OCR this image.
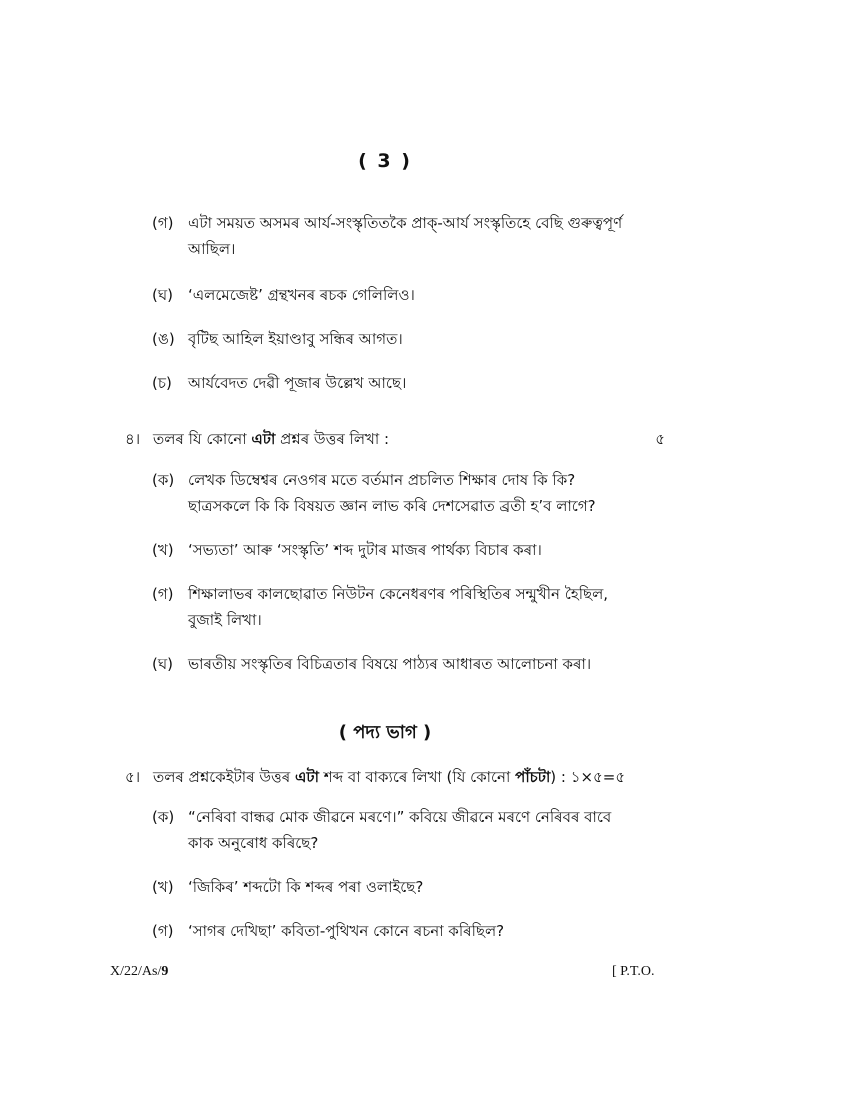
( 3 )
(গ) এটা সময়ত অসমৰ আৰ্য-সংস্কৃতিতকৈ প্ৰাক্-আৰ্য সংস্কৃতিহে বেছি গুৰুত্বপূৰ্ণ আছিল।
(ঘ)	‘এলমেজেষ্ট’ গ্ৰন্থখনৰ ৰচক গেলিলিও।
(ঙ) বৃটিছ আহিল ইয়াণ্ডাবু সন্ধিৰ আগত।
(চ)	আৰ্যবেদত দেৱী পূজাৰ উল্লেখ আছে।
৪। তলৰ যি কোনো এটা প্ৰশ্নৰ উত্তৰ লিখা :	৫
(ক) লেখক ডিম্বেশ্বৰ নেওগৰ মতে বৰ্তমান প্ৰচলিত শিক্ষাৰ দোষ কি কি? ছাত্ৰসকলে কি কি বিষয়ত জ্ঞান লাভ কৰি দেশসেৱাত ব্ৰতী হ’ব লাগে?
(খ) ‘সভ্যতা’ আৰু ‘সংস্কৃতি’ শব্দ দুটাৰ মাজৰ পাৰ্থক্য বিচাৰ কৰা।
(গ) শিক্ষালাভৰ কালছোৱাত নিউটন কেনেধৰণৰ পৰিস্থিতিৰ সন্মুখীন হৈছিল, বুজাই লিখা।
(ঘ)	ভাৰতীয় সংস্কৃতিৰ বিচিত্ৰতাৰ বিষয়ে পাঠ্যৰ আধাৰত আলোচনা কৰা।
( পদ্য ভাগ )
৫। তলৰ প্ৰশ্নকেইটাৰ উত্তৰ এটা শব্দ বা বাক্যৰে লিখা (যি কোনো পাঁচটা) : ১×৫=৫
(ক) “নেৰিবা বান্ধৱ মোক জীৱনে মৰণে।” কবিয়ে জীৱনে মৰণে নেৰিবৰ বাবে কাক অনুৰোধ কৰিছে?
(খ) ‘জিকিৰ’ শব্দটো কি শব্দৰ পৰা ওলাইছে?
(গ) ‘সাগৰ দেখিছা’ কবিতা-পুথিখন কোনে ৰচনা কৰিছিল?
X/22/As/9	[ P.T.O.
